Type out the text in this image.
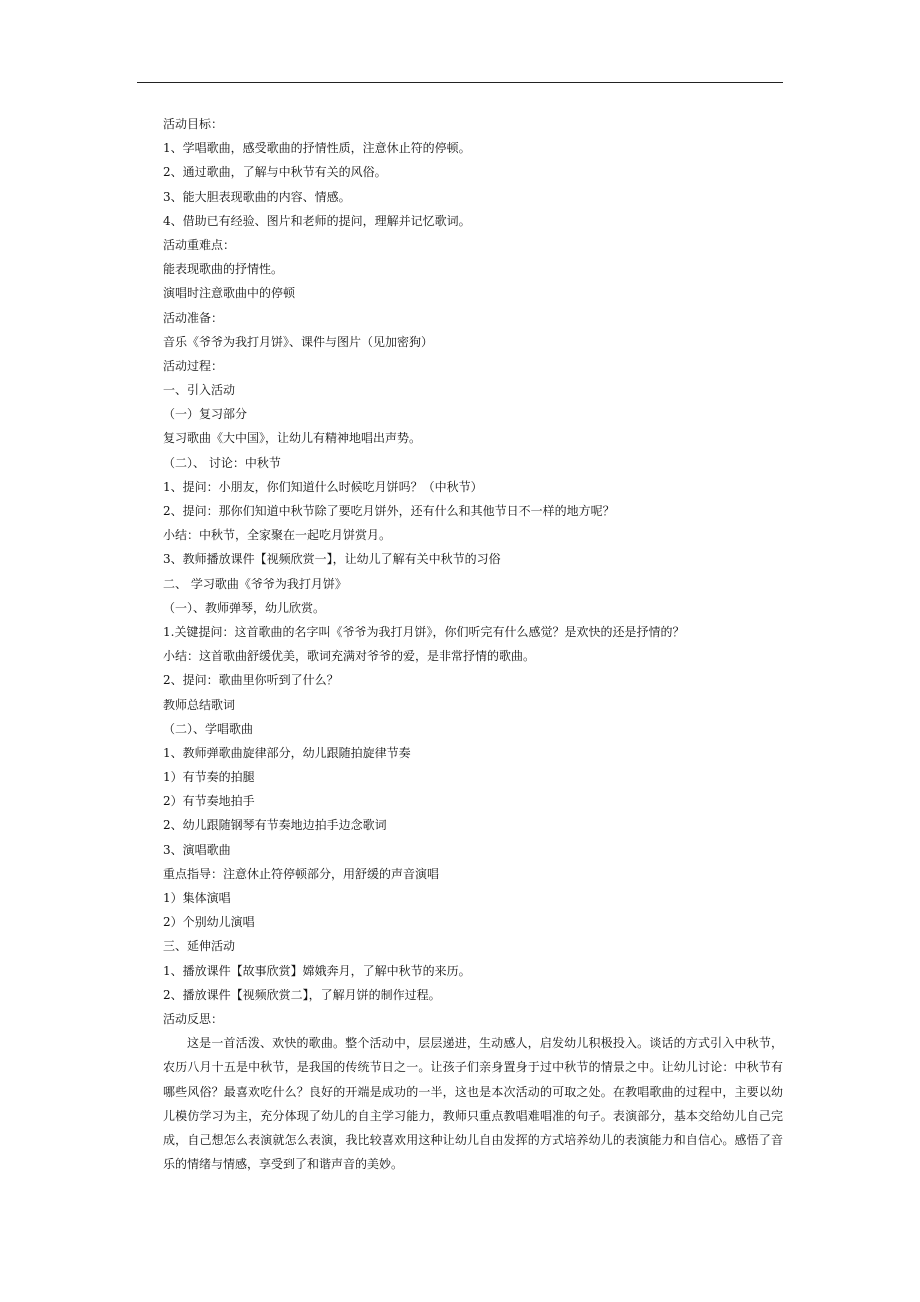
活动目标：
1、学唱歌曲，感受歌曲的抒情性质，注意休止符的停顿。
2、通过歌曲，了解与中秋节有关的风俗。
3、能大胆表现歌曲的内容、情感。
4、借助已有经验、图片和老师的提问，理解并记忆歌词。
活动重难点：
能表现歌曲的抒情性。
演唱时注意歌曲中的停顿
活动准备：
音乐《爷爷为我打月饼》、课件与图片（见加密狗）
活动过程：
一、引入活动
（一）复习部分
复习歌曲《大中国》，让幼儿有精神地唱出声势。
（二）、 讨论：中秋节
1、提问：小朋友，你们知道什么时候吃月饼吗？（中秋节）
2、提问：那你们知道中秋节除了要吃月饼外，还有什么和其他节日不一样的地方呢？
小结：中秋节，全家聚在一起吃月饼赏月。
3、教师播放课件【视频欣赏一】，让幼儿了解有关中秋节的习俗
二、 学习歌曲《爷爷为我打月饼》
（一）、教师弹琴，幼儿欣赏。
1.关键提问：这首歌曲的名字叫《爷爷为我打月饼》，你们听完有什么感觉？是欢快的还是抒情的？
小结：这首歌曲舒缓优美，歌词充满对爷爷的爱，是非常抒情的歌曲。
2、提问：歌曲里你听到了什么？
教师总结歌词
（二）、学唱歌曲
1、教师弹歌曲旋律部分，幼儿跟随拍旋律节奏
1）有节奏的拍腿
2）有节奏地拍手
2、幼儿跟随钢琴有节奏地边拍手边念歌词
3、演唱歌曲
重点指导：注意休止符停顿部分，用舒缓的声音演唱
1）集体演唱
2）个别幼儿演唱
三、延伸活动
1、播放课件【故事欣赏】嫦娥奔月，了解中秋节的来历。
2、播放课件【视频欣赏二】，了解月饼的制作过程。
活动反思：

这是一首活泼、欢快的歌曲。整个活动中，层层递进，生动感人，启发幼儿积极投入。谈话的方式引入中秋节，农历八月十五是中秋节，是我国的传统节日之一。让孩子们亲身置身于过中秋节的情景之中。让幼儿讨论：中秋节有哪些风俗？最喜欢吃什么？良好的开端是成功的一半，这也是本次活动的可取之处。在教唱歌曲的过程中，主要以幼儿模仿学习为主，充分体现了幼儿的自主学习能力，教师只重点教唱难唱准的句子。表演部分，基本交给幼儿自己完成，自己想怎么表演就怎么表演，我比较喜欢用这种让幼儿自由发挥的方式培养幼儿的表演能力和自信心。感悟了音乐的情绪与情感，享受到了和谐声音的美妙。
